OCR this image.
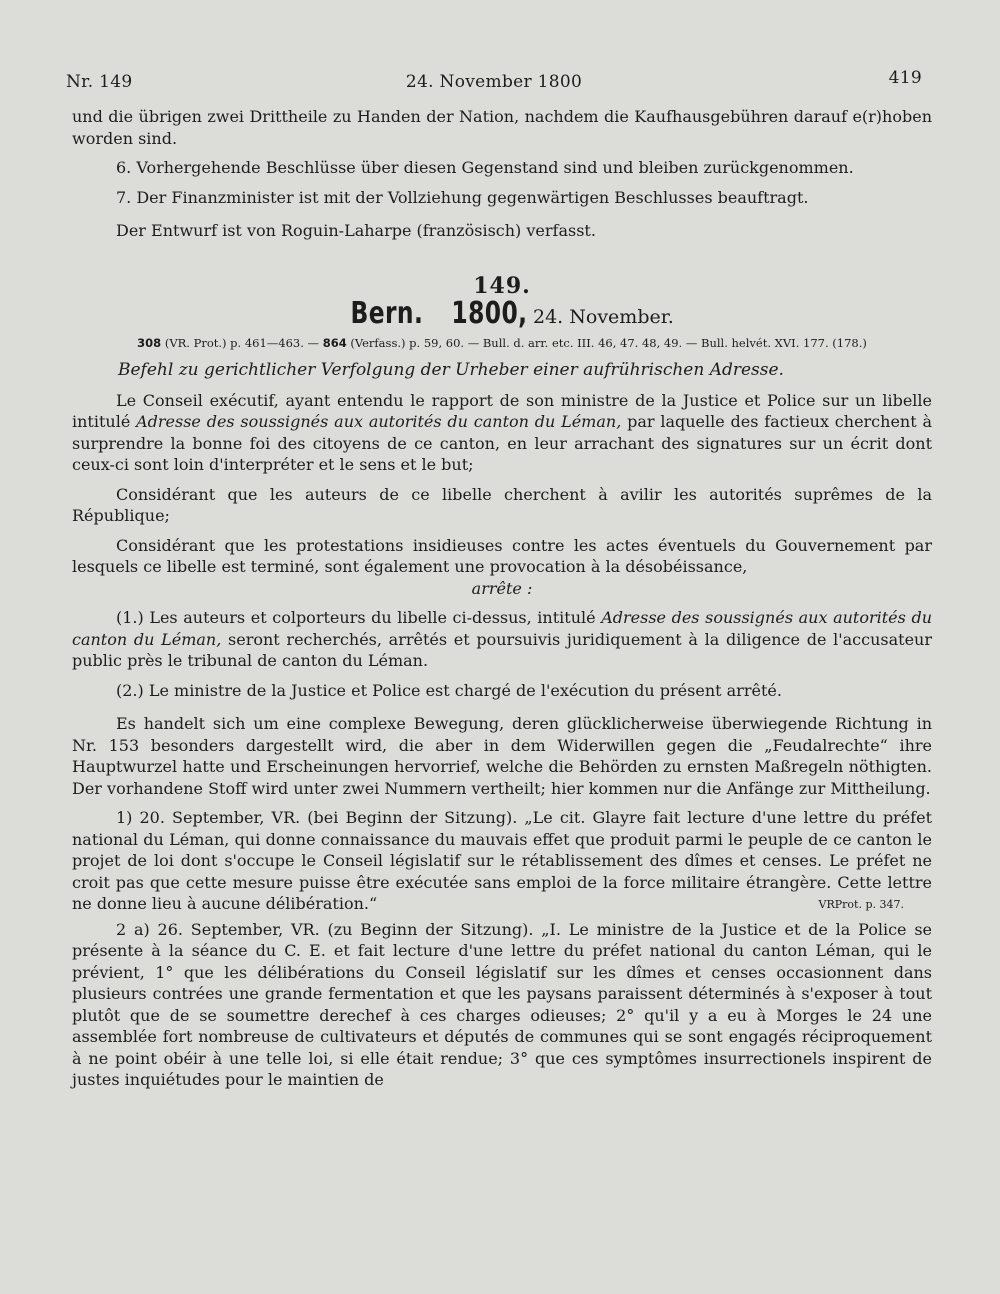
Nr. 149	24. November 1800	419

und die übrigen zwei Drittheile zu Handen der Nation, nachdem die Kaufhausgebühren darauf e(r)hoben worden sind.

6. Vorhergehende Beschlüsse über diesen Gegenstand sind und bleiben zurückgenommen.

7. Der Finanzminister ist mit der Vollziehung gegenwärtigen Beschlusses beauftragt.

Der Entwurf ist von Roguin-Laharpe (französisch) verfasst.

149.
Bern. 1800, 24. November.
308 (VR. Prot.) p. 461—463. — 864 (Verfass.) p. 59, 60. — Bull. d. arr. etc. III. 46, 47. 48, 49. — Bull. helvét. XVI. 177. (178.)
Befehl zu gerichtlicher Verfolgung der Urheber einer aufrührischen Adresse.

Le Conseil exécutif, ayant entendu le rapport de son ministre de la Justice et Police sur un libelle intitulé Adresse des soussignés aux autorités du canton du Léman, par laquelle des factieux cherchent à surprendre la bonne foi des citoyens de ce canton, en leur arrachant des signatures sur un écrit dont ceux-ci sont loin d'interpréter et le sens et le but;

Considérant que les auteurs de ce libelle cherchent à avilir les autorités suprêmes de la République;

Considérant que les protestations insidieuses contre les actes éventuels du Gouvernement par lesquels ce libelle est terminé, sont également une provocation à la désobéissance,

arrête :

(1.) Les auteurs et colporteurs du libelle ci-dessus, intitulé Adresse des soussignés aux autorités du canton du Léman, seront recherchés, arrêtés et poursuivis juridiquement à la diligence de l'accusateur public près le tribunal de canton du Léman.

(2.) Le ministre de la Justice et Police est chargé de l'exécution du présent arrêté.

Es handelt sich um eine complexe Bewegung, deren glücklicherweise überwiegende Richtung in Nr. 153 besonders dargestellt wird, die aber in dem Widerwillen gegen die „Feudalrechte“ ihre Hauptwurzel hatte und Erscheinungen hervorrief, welche die Behörden zu ernsten Maßregeln nöthigten. Der vorhandene Stoff wird unter zwei Nummern vertheilt; hier kommen nur die Anfänge zur Mittheilung.

1) 20. September, VR. (bei Beginn der Sitzung). „Le cit. Glayre fait lecture d'une lettre du préfet national du Léman, qui donne connaissance du mauvais effet que produit parmi le peuple de ce canton le projet de loi dont s'occupe le Conseil législatif sur le rétablissement des dîmes et censes. Le préfet ne croit pas que cette mesure puisse être exécutée sans emploi de la force militaire étrangère. Cette lettre ne donne lieu à aucune délibération.“	VRProt. p. 347.

2 a) 26. September, VR. (zu Beginn der Sitzung). „I. Le ministre de la Justice et de la Police se présente à la séance du C. E. et fait lecture d'une lettre du préfet national du canton Léman, qui le prévient, 1° que les délibérations du Conseil législatif sur les dîmes et censes occasionnent dans plusieurs contrées une grande fermentation et que les paysans paraissent déterminés à s'exposer à tout plutôt que de se soumettre derechef à ces charges odieuses; 2° qu'il y a eu à Morges le 24 une assemblée fort nombreuse de cultivateurs et députés de communes qui se sont engagés réciproquement à ne point obéir à une telle loi, si elle était rendue; 3° que ces symptômes insurrectionels inspirent de justes inquiétudes pour le maintien de
